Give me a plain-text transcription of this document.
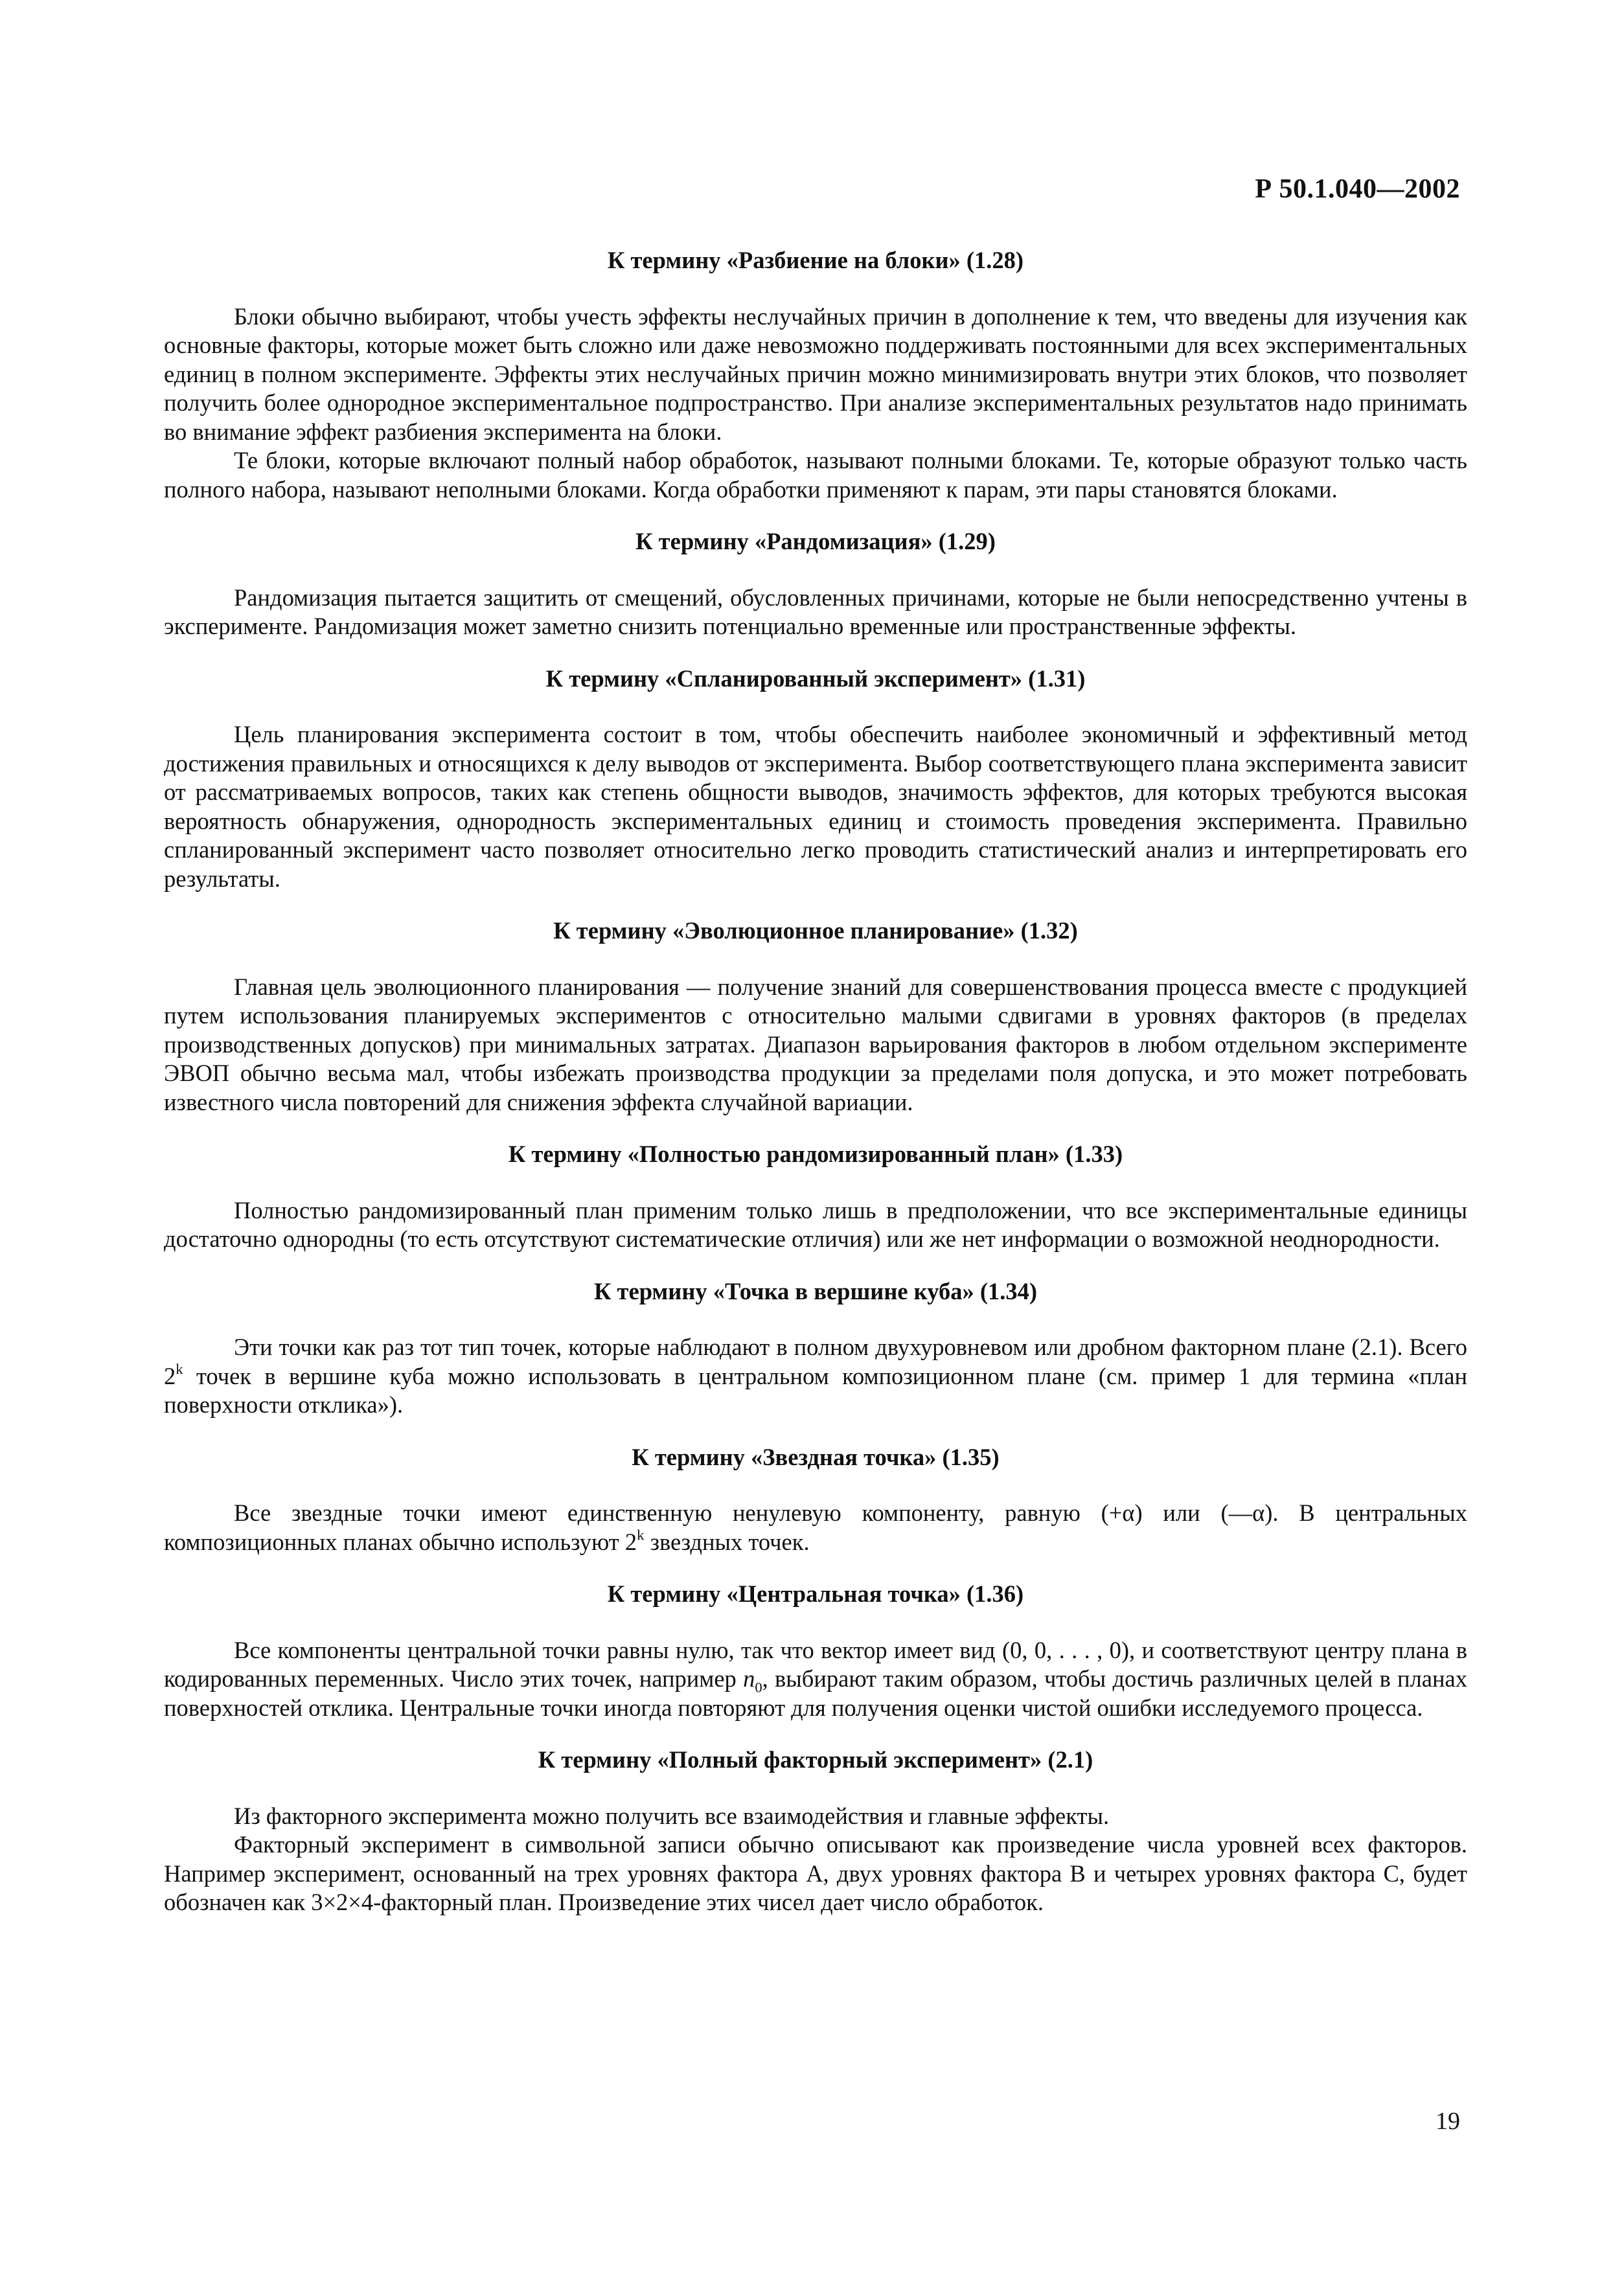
Р 50.1.040—2002
К термину «Разбиение на блоки» (1.28)

Блоки обычно выбирают, чтобы учесть эффекты неслучайных причин в дополнение к тем, что введены для изучения как основные факторы, которые может быть сложно или даже невозможно поддерживать постоянными для всех экспериментальных единиц в полном эксперименте. Эффекты этих неслучайных причин можно минимизировать внутри этих блоков, что позволяет получить более однородное экспериментальное подпространство. При анализе экспериментальных результатов надо принимать во внимание эффект разбиения эксперимента на блоки.

Те блоки, которые включают полный набор обработок, называют полными блоками. Те, которые образуют только часть полного набора, называют неполными блоками. Когда обработки применяют к парам, эти пары становятся блоками.

К термину «Рандомизация» (1.29)

Рандомизация пытается защитить от смещений, обусловленных причинами, которые не были непосредственно учтены в эксперименте. Рандомизация может заметно снизить потенциально временные или пространственные эффекты.

К термину «Спланированный эксперимент» (1.31)

Цель планирования эксперимента состоит в том, чтобы обеспечить наиболее экономичный и эффективный метод достижения правильных и относящихся к делу выводов от эксперимента. Выбор соответствующего плана эксперимента зависит от рассматриваемых вопросов, таких как степень общности выводов, значимость эффектов, для которых требуются высокая вероятность обнаружения, однородность экспериментальных единиц и стоимость проведения эксперимента. Правильно спланированный эксперимент часто позволяет относительно легко проводить статистический анализ и интерпретировать его результаты.

К термину «Эволюционное планирование» (1.32)

Главная цель эволюционного планирования — получение знаний для совершенствования процесса вместе с продукцией путем использования планируемых экспериментов с относительно малыми сдвигами в уровнях факторов (в пределах производственных допусков) при минимальных затратах. Диапазон варьирования факторов в любом отдельном эксперименте ЭВОП обычно весьма мал, чтобы избежать производства продукции за пределами поля допуска, и это может потребовать известного числа повторений для снижения эффекта случайной вариации.

К термину «Полностью рандомизированный план» (1.33)

Полностью рандомизированный план применим только лишь в предположении, что все экспериментальные единицы достаточно однородны (то есть отсутствуют систематические отличия) или же нет информации о возможной неоднородности.

К термину «Точка в вершине куба» (1.34)

Эти точки как раз тот тип точек, которые наблюдают в полном двухуровневом или дробном факторном плане (2.1). Всего 2$^k$ точек в вершине куба можно использовать в центральном композиционном плане (см. пример 1 для термина «план поверхности отклика»).

К термину «Звездная точка» (1.35)

Все звездные точки имеют единственную ненулевую компоненту, равную (+α) или (—α). В центральных композиционных планах обычно используют 2$^k$ звездных точек.

К термину «Центральная точка» (1.36)

Все компоненты центральной точки равны нулю, так что вектор имеет вид (0, 0, . . . , 0), и соответствуют центру плана в кодированных переменных. Число этих точек, например $n_0$, выбирают таким образом, чтобы достичь различных целей в планах поверхностей отклика. Центральные точки иногда повторяют для получения оценки чистой ошибки исследуемого процесса.

К термину «Полный факторный эксперимент» (2.1)

Из факторного эксперимента можно получить все взаимодействия и главные эффекты.

Факторный эксперимент в символьной записи обычно описывают как произведение числа уровней всех факторов. Например эксперимент, основанный на трех уровнях фактора А, двух уровнях фактора В и четырех уровнях фактора С, будет обозначен как 3×2×4-факторный план. Произведение этих чисел дает число обработок.

19
